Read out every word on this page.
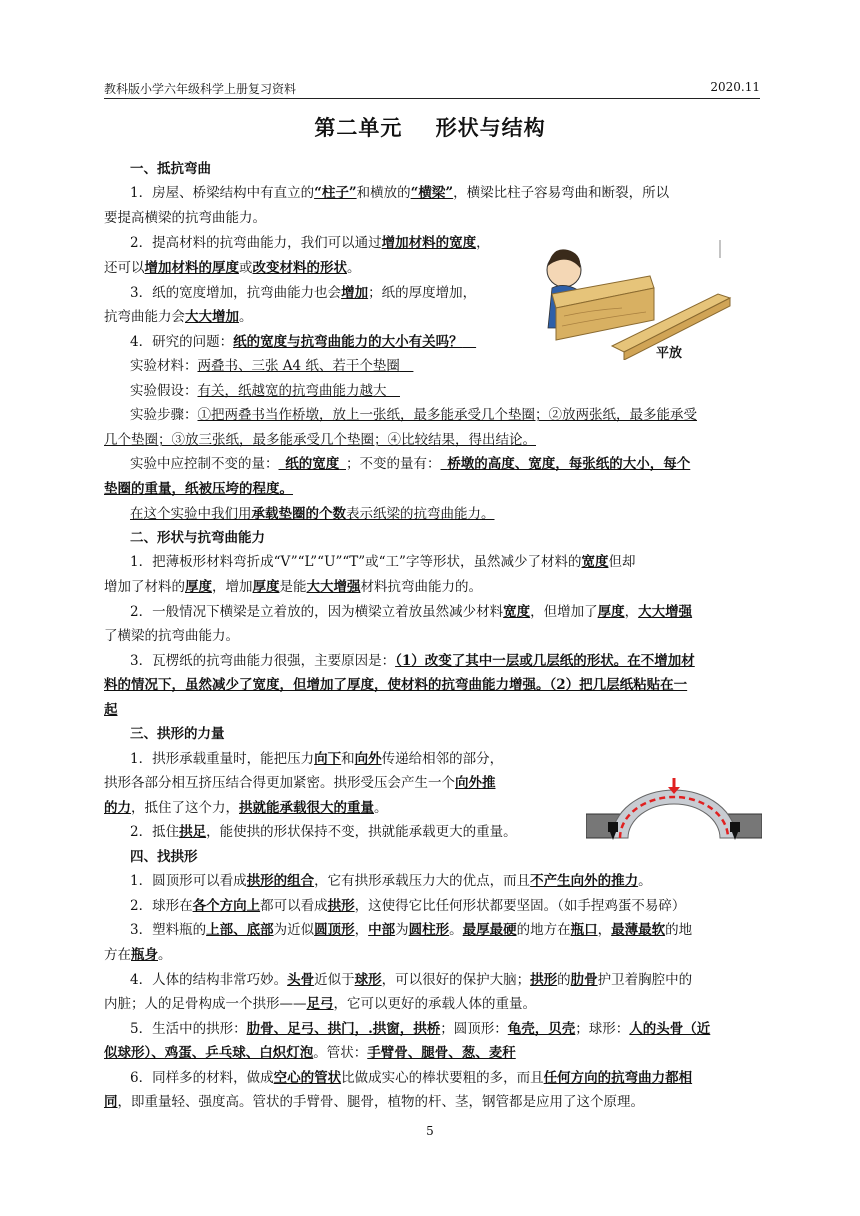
教科版小学六年级科学上册复习资料	2020.11
第二单元    形状与结构
一、抵抗弯曲
1．房屋、桥梁结构中有直立的“柱子”和横放的“横梁”，横梁比柱子容易弯曲和断裂，所以
要提高横梁的抗弯曲能力。
2．提高材料的抗弯曲能力，我们可以通过增加材料的宽度，
还可以增加材料的厚度或改变材料的形状。
3．纸的宽度增加，抗弯曲能力也会增加；纸的厚度增加，
抗弯曲能力会大大增加。
4．研究的问题：纸的宽度与抗弯曲能力的大小有关吗？ 
实验材料：两叠书、三张 A4 纸、若干个垫圈 
实验假设：有关，纸越宽的抗弯曲能力越大 
实验步骤：①把两叠书当作桥墩，放上一张纸，最多能承受几个垫圈；②放两张纸，最多能承受
几个垫圈；③放三张纸，最多能承受几个垫圈；④比较结果，得出结论。
实验中应控制不变的量：  纸的宽度  ；不变的量有：  桥墩的高度、宽度，每张纸的大小，每个
垫圈的重量，纸被压垮的程度。
在这个实验中我们用承载垫圈的个数表示纸梁的抗弯曲能力。
平放
二、形状与抗弯曲能力
1．把薄板形材料弯折成“V”“L”“U”“T”或“工”字等形状，虽然减少了材料的宽度但却
增加了材料的厚度，增加厚度是能大大增强材料抗弯曲能力的。
2．一般情况下横梁是立着放的，因为横梁立着放虽然减少材料宽度，但增加了厚度，大大增强
了横梁的抗弯曲能力。
3．瓦楞纸的抗弯曲能力很强，主要原因是：（1）改变了其中一层或几层纸的形状。在不增加材
料的情况下，虽然减少了宽度，但增加了厚度，使材料的抗弯曲能力增强。（2）把几层纸粘贴在一
起
三、拱形的力量
1．拱形承载重量时，能把压力向下和向外传递给相邻的部分，
拱形各部分相互挤压结合得更加紧密。拱形受压会产生一个向外推
的力，抵住了这个力，拱就能承载很大的重量。
2．抵住拱足，能使拱的形状保持不变，拱就能承载更大的重量。
四、找拱形
1．圆顶形可以看成拱形的组合，它有拱形承载压力大的优点，而且不产生向外的推力。
2．球形在各个方向上都可以看成拱形，这使得它比任何形状都要坚固。（如手捏鸡蛋不易碎）
3．塑料瓶的上部、底部为近似圆顶形，中部为圆柱形。最厚最硬的地方在瓶口，最薄最软的地
方在瓶身。
4．人体的结构非常巧妙。头骨近似于球形，可以很好的保护大脑；拱形的肋骨护卫着胸腔中的
内脏；人的足骨构成一个拱形——足弓，它可以更好的承载人体的重量。
5．生活中的拱形：肋骨、足弓、拱门，.拱窗，拱桥；圆顶形：龟壳，贝壳；球形：人的头骨（近
似球形）、鸡蛋、乒乓球、白炽灯泡。管状：手臂骨、腿骨、葱、麦秆
6．同样多的材料，做成空心的管状比做成实心的棒状要粗的多，而且任何方向的抗弯曲力都相
同，即重量轻、强度高。管状的手臂骨、腿骨，植物的杆、茎，钢管都是应用了这个原理。
5
